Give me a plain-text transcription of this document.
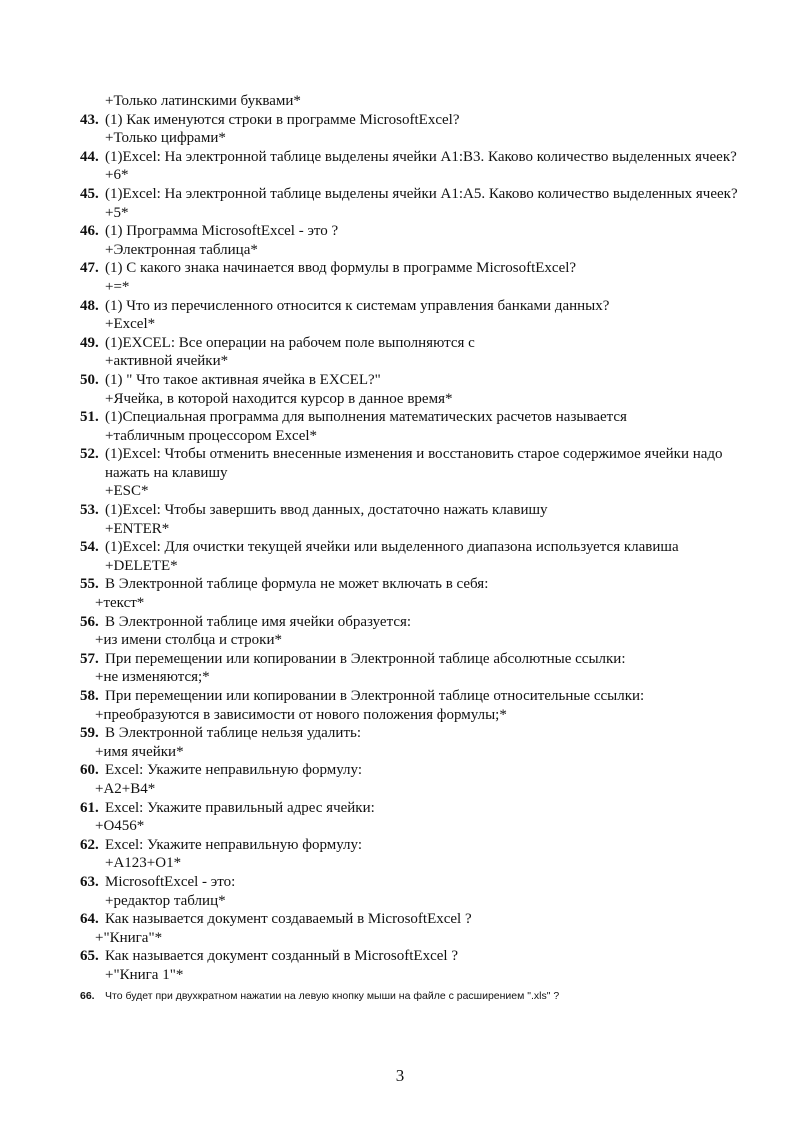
+Только латинскими буквами*
43. (1) Как именуются строки в программе MicrosoftExcel?
+Только цифрами*
44. (1)Excel: На электронной таблице выделены ячейки А1:В3. Каково количество выделенных ячеек?
+6*
45. (1)Excel: На электронной таблице выделены ячейки А1:А5. Каково количество выделенных ячеек?
+5*
46. (1) Программа MicrosoftExcel - это ?
+Электронная таблица*
47. (1) С какого знака начинается ввод формулы в программе MicrosoftExcel?
+=*
48. (1) Что из перечисленного относится к системам управления банками данных?
+Excel*
49. (1)EXCEL: Все операции на рабочем поле выполняются с
+активной ячейки*
50. (1) " Что такое активная ячейка в EXCEL?"
+Ячейка, в которой находится курсор в данное время*
51. (1)Специальная программа для выполнения математических расчетов называется
+табличным процессором Excel*
52. (1)Excel: Чтобы отменить внесенные изменения и восстановить старое содержимое ячейки надо нажать на клавишу
+ESC*
53. (1)Excel: Чтобы завершить ввод данных, достаточно нажать клавишу
+ENTER*
54. (1)Excel: Для очистки текущей ячейки или выделенного диапазона используется клавиша
+DELETE*
55. В Электронной таблице формула не может включать в себя:
+текст*
56. В Электронной таблице имя ячейки образуется:
+из имени столбца и строки*
57. При перемещении или копировании в Электронной таблице абсолютные ссылки:
+не изменяются;*
58. При перемещении или копировании в Электронной таблице относительные ссылки:
+преобразуются в зависимости от нового положения формулы;*
59. В Электронной таблице нельзя удалить:
+имя ячейки*
60. Excel: Укажите неправильную формулу:
+А2+В4*
61. Excel: Укажите правильный адрес ячейки:
+О456*
62. Excel: Укажите неправильную формулу:
+А123+О1*
63. MicrosoftExcel - это:
+редактор таблиц*
64. Как называется документ создаваемый в MicrosoftExcel ?
+"Книга"*
65. Как называется документ созданный в MicrosoftExcel ?
+"Книга 1"*
66. Что будет при двухкратном нажатии на левую кнопку мыши на файле с расширением ".xls" ?
3
